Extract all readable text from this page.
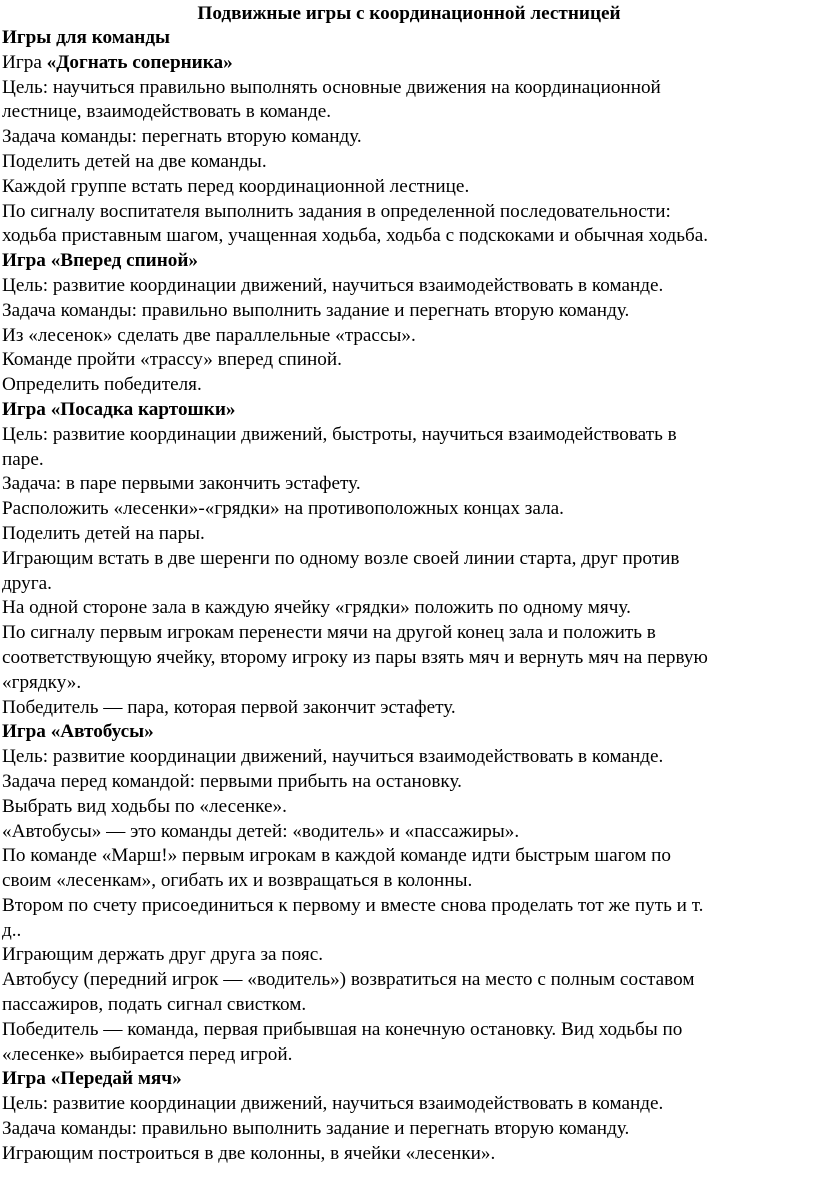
Подвижные игры с координационной лестницей

Игры для команды

Игра «Догнать соперника»

Цель: научиться правильно выполнять основные движения на координационной

лестнице, взаимодействовать в команде.

Задача команды: перегнать вторую команду.

Поделить детей на две команды.

Каждой группе встать перед координационной лестнице.

По сигналу воспитателя выполнить задания в определенной последовательности:

ходьба приставным шагом, учащенная ходьба, ходьба с подскоками и обычная ходьба.

Игра «Вперед спиной»

Цель: развитие координации движений, научиться взаимодействовать в команде.

Задача команды: правильно выполнить задание и перегнать вторую команду.

Из «лесенок» сделать две параллельные «трассы».

Команде пройти «трассу» вперед спиной.

Определить победителя.

Игра «Посадка картошки»

Цель: развитие координации движений, быстроты, научиться взаимодействовать в

паре.

Задача: в паре первыми закончить эстафету.

Расположить «лесенки»-«грядки» на противоположных концах зала.

Поделить детей на пары.

Играющим встать в две шеренги по одному возле своей линии старта, друг против

друга.

На одной стороне зала в каждую ячейку «грядки» положить по одному мячу.

По сигналу первым игрокам перенести мячи на другой конец зала и положить в

соответствующую ячейку, второму игроку из пары взять мяч и вернуть мяч на первую

«грядку».

Победитель — пара, которая первой закончит эстафету.

Игра «Автобусы»

Цель: развитие координации движений, научиться взаимодействовать в команде.

Задача перед командой: первыми прибыть на остановку.

Выбрать вид ходьбы по «лесенке».

«Автобусы» — это команды детей: «водитель» и «пассажиры».

По команде «Марш!» первым игрокам в каждой команде идти быстрым шагом по

своим «лесенкам», огибать их и возвращаться в колонны.

Втором по счету присоединиться к первому и вместе снова проделать тот же путь и т.

д..

Играющим держать друг друга за пояс.

Автобусу (передний игрок — «водитель») возвратиться на место с полным составом

пассажиров, подать сигнал свистком.

Победитель — команда, первая прибывшая на конечную остановку. Вид ходьбы по

«лесенке» выбирается перед игрой.

Игра «Передай мяч»

Цель: развитие координации движений, научиться взаимодействовать в команде.

Задача команды: правильно выполнить задание и перегнать вторую команду.

Играющим построиться в две колонны, в ячейки «лесенки».
